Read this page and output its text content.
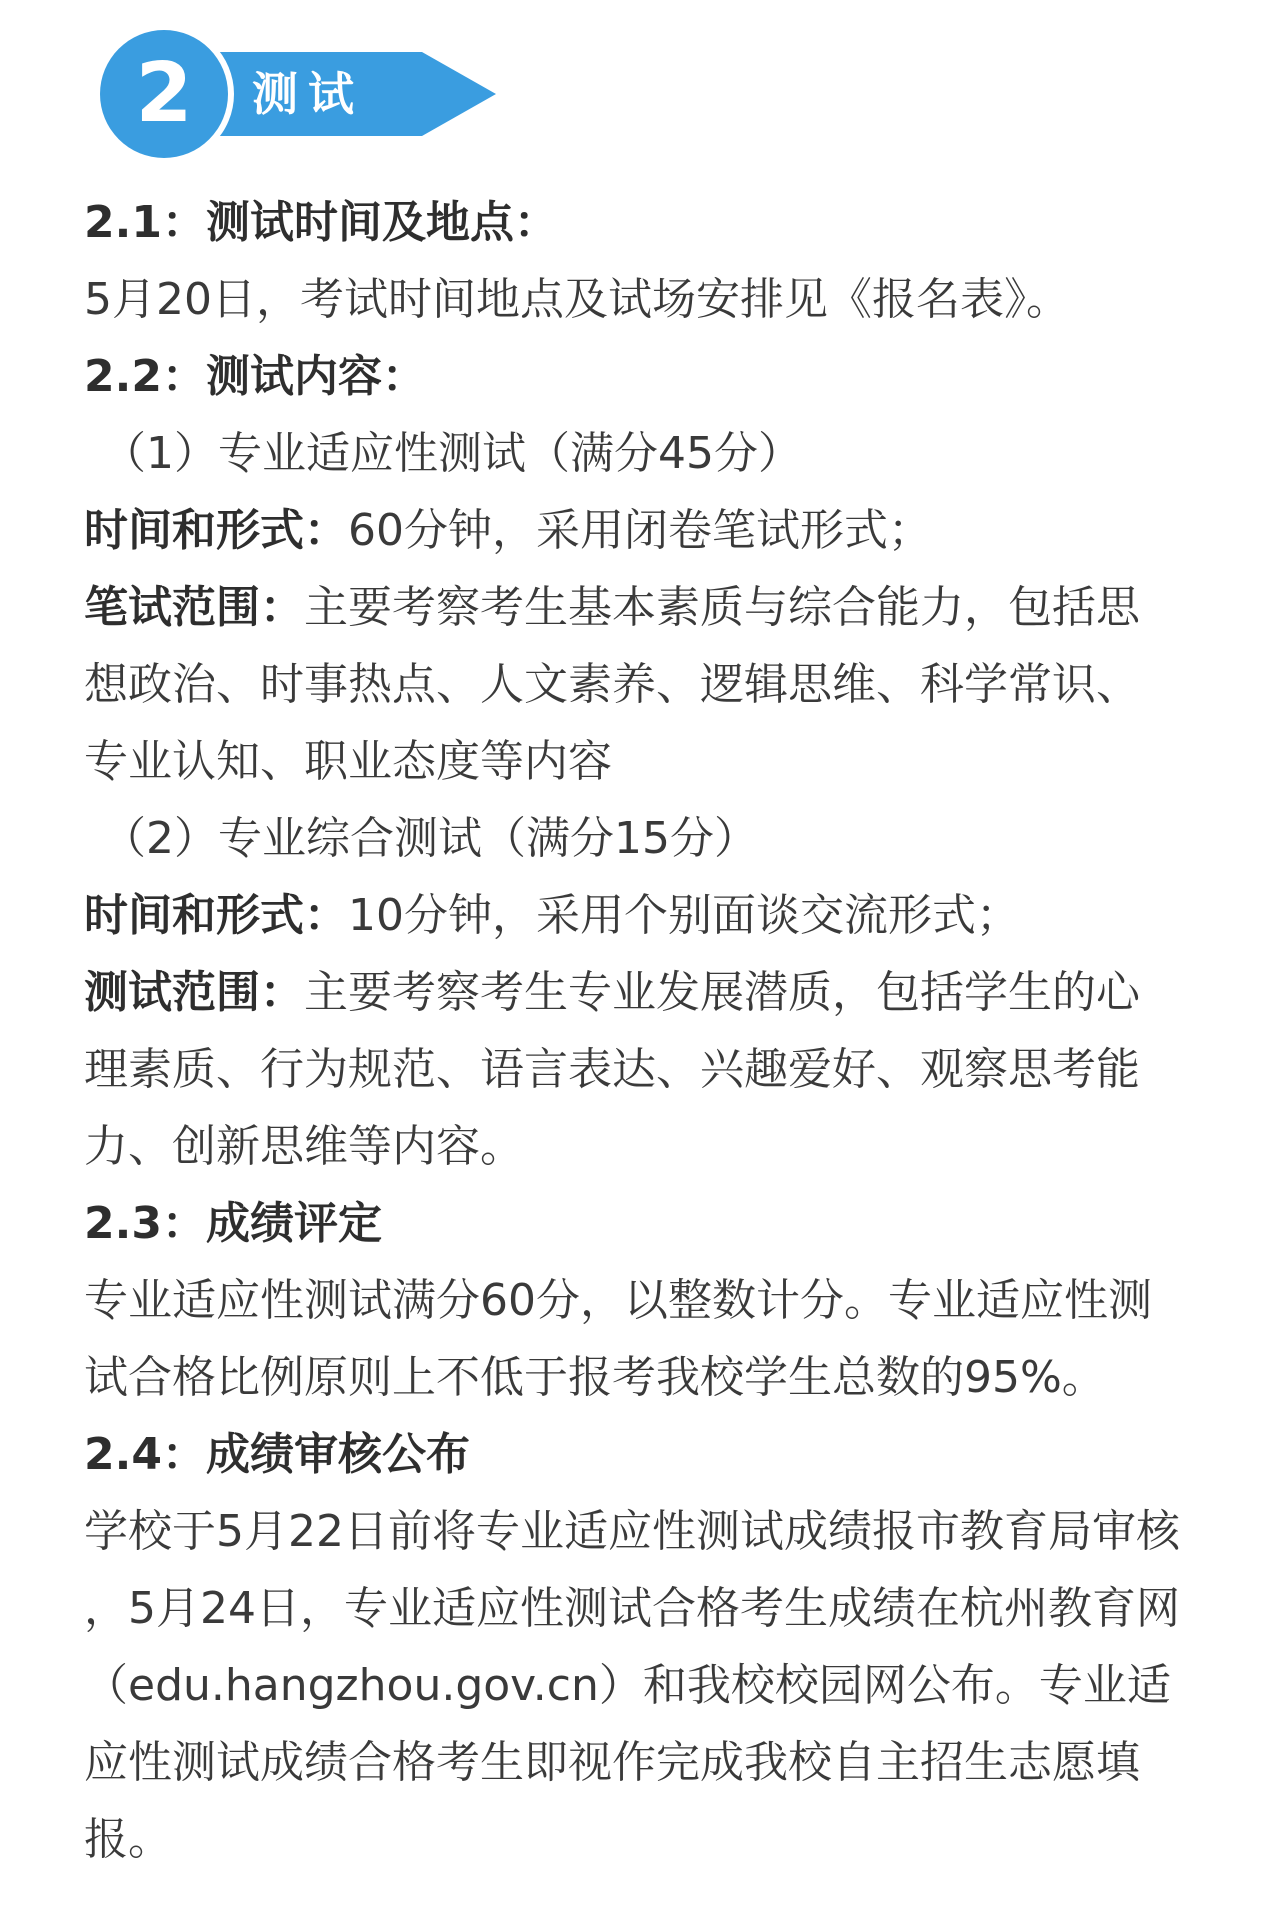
2	测试
2.1：测试时间及地点：
5月20日，考试时间地点及试场安排见《报名表》。
2.2：测试内容：
（1）专业适应性测试（满分45分）
时间和形式：60分钟，采用闭卷笔试形式；
笔试范围：主要考察考生基本素质与综合能力，包括思
想政治、时事热点、人文素养、逻辑思维、科学常识、
专业认知、职业态度等内容
（2）专业综合测试（满分15分）
时间和形式：10分钟，采用个别面谈交流形式；
测试范围：主要考察考生专业发展潜质，包括学生的心
理素质、行为规范、语言表达、兴趣爱好、观察思考能
力、创新思维等内容。
2.3：成绩评定
专业适应性测试满分60分，以整数计分。专业适应性测
试合格比例原则上不低于报考我校学生总数的95%。
2.4：成绩审核公布
学校于5月22日前将专业适应性测试成绩报市教育局审核
，5月24日，专业适应性测试合格考生成绩在杭州教育网
（edu.hangzhou.gov.cn）和我校校园网公布。专业适
应性测试成绩合格考生即视作完成我校自主招生志愿填
报。
